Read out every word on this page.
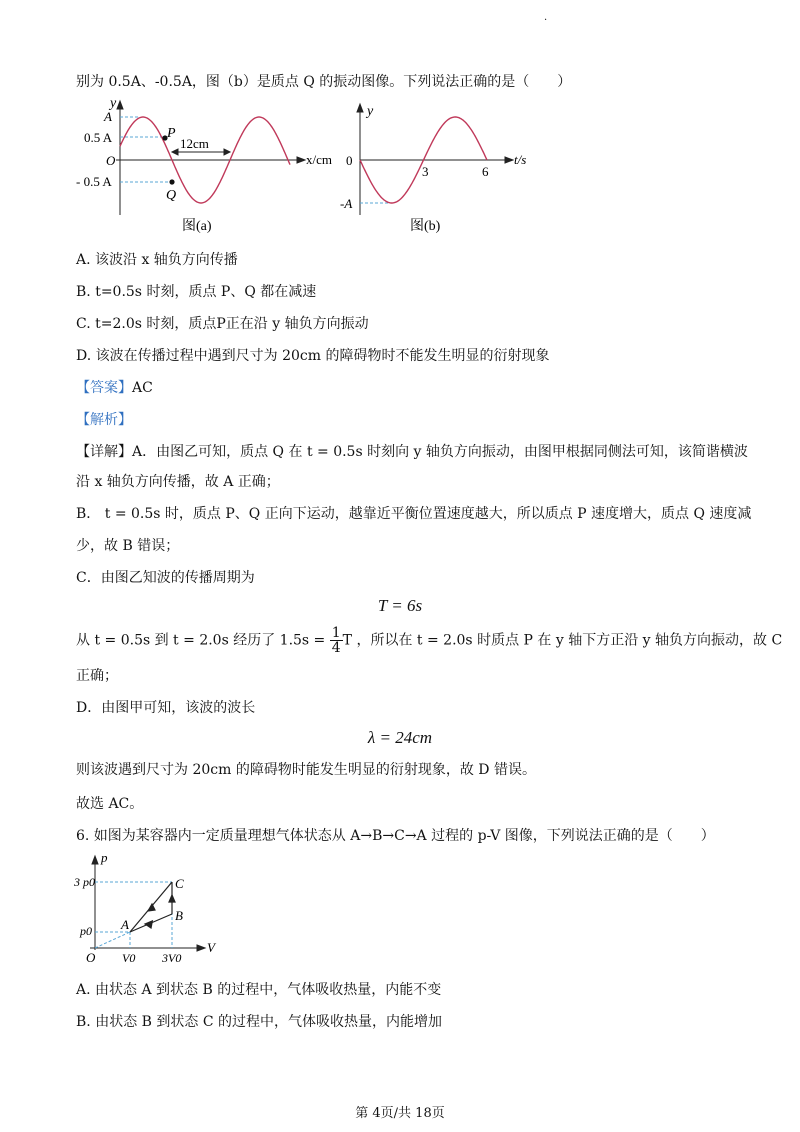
.
别为 0.5A、-0.5A，图（b）是质点 Q 的振动图像。下列说法正确的是（　　）
y
x/cm
A
0.5 A
O
- 0.5 A
P
Q
12cm
图(a)
y
t/s
0
-A
3	6
图(b)
A. 该波沿 x 轴负方向传播
B. t=0.5s 时刻，质点 P、Q 都在减速
C. t=2.0s 时刻，质点P正在沿 y 轴负方向振动
D. 该波在传播过程中遇到尺寸为 20cm 的障碍物时不能发生明显的衍射现象
【答案】AC
【解析】
【详解】A．由图乙可知，质点 Q 在 t = 0.5s 时刻向 y 轴负方向振动，由图甲根据同侧法可知，该简谐横波
沿 x 轴负方向传播，故 A 正确；
B． t = 0.5s 时，质点 P、Q 正向下运动，越靠近平衡位置速度越大，所以质点 P 速度增大，质点 Q 速度减
少，故 B 错误；
C．由图乙知波的传播周期为
T = 6s
从 t = 0.5s 到 t = 2.0s 经历了 $1.5s = \frac{1}{4}$ T ，所以在 t = 2.0s 时质点 P 在 y 轴下方正沿 y 轴负方向振动，故 C
正确；
D．由图甲可知，该波的波长
λ = 24cm
则该波遇到尺寸为 20cm 的障碍物时能发生明显的衍射现象，故 D 错误。
故选 AC。
6. 如图为某容器内一定质量理想气体状态从 A→B→C→A 过程的 p-V 图像，下列说法正确的是（　　）
p
V
3 p0
p0
O V0 3V0
A
B
C
A. 由状态 A 到状态 B 的过程中，气体吸收热量，内能不变
B. 由状态 B 到状态 C 的过程中，气体吸收热量，内能增加
第 4页/共 18页
